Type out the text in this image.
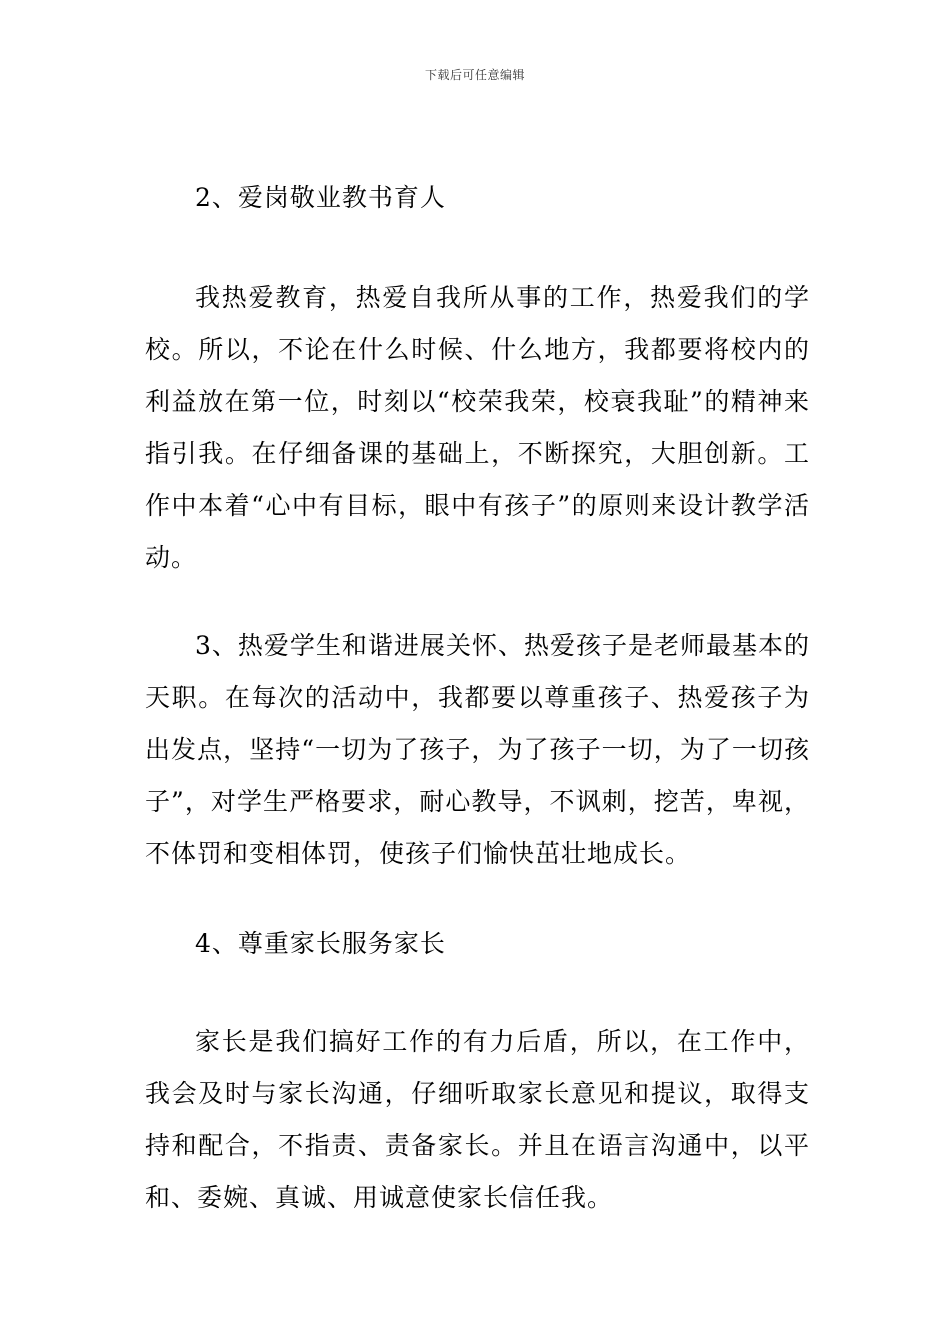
下载后可任意编辑

2、爱岗敬业教书育人

我热爱教育，热爱自我所从事的工作，热爱我们的学校。所以，不论在什么时候、什么地方，我都要将校内的利益放在第一位，时刻以“校荣我荣，校衰我耻”的精神来指引我。在仔细备课的基础上，不断探究，大胆创新。工作中本着“心中有目标，眼中有孩子”的原则来设计教学活动。

3、热爱学生和谐进展关怀、热爱孩子是老师最基本的天职。在每次的活动中，我都要以尊重孩子、热爱孩子为出发点，坚持“一切为了孩子，为了孩子一切，为了一切孩子”，对学生严格要求，耐心教导，不讽刺，挖苦，卑视，不体罚和变相体罚，使孩子们愉快茁壮地成长。

4、尊重家长服务家长

家长是我们搞好工作的有力后盾，所以，在工作中，我会及时与家长沟通，仔细听取家长意见和提议，取得支持和配合，不指责、责备家长。并且在语言沟通中，以平和、委婉、真诚、用诚意使家长信任我。
